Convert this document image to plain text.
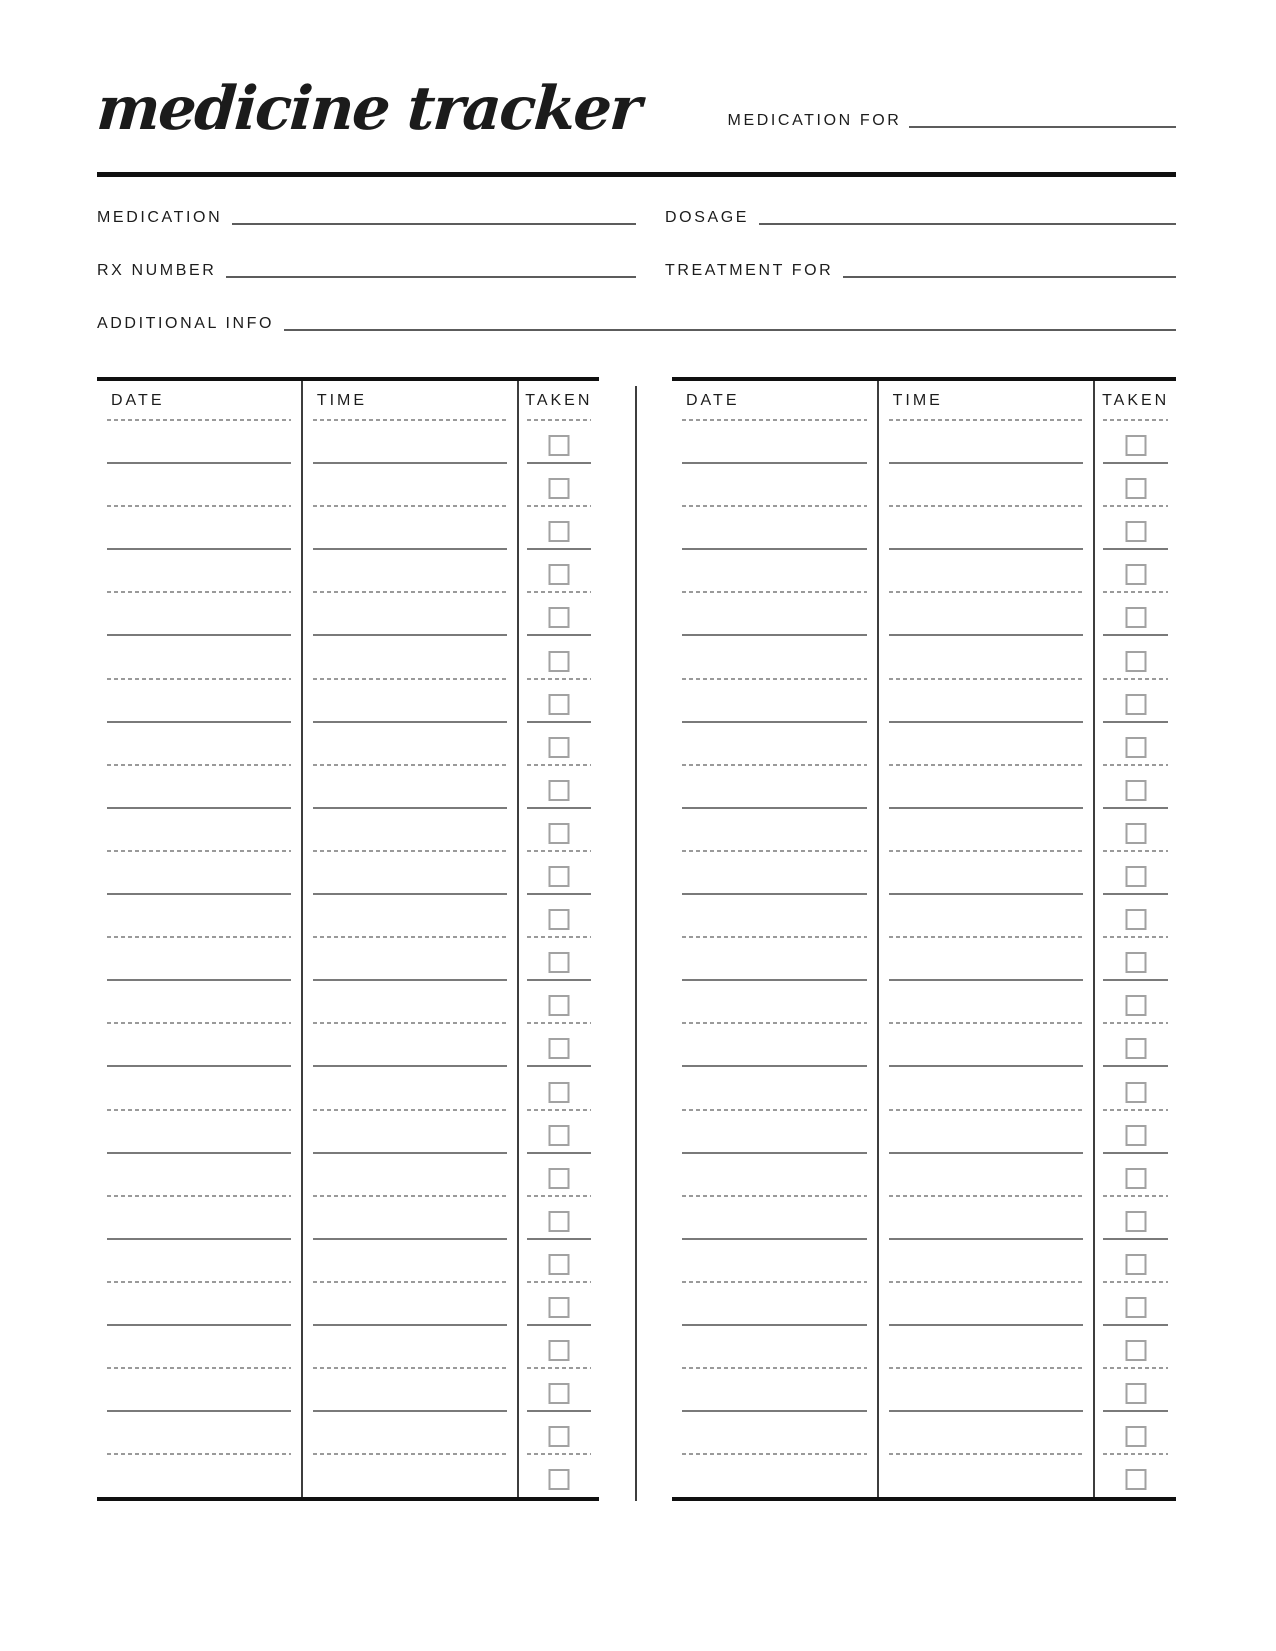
medicine tracker	MEDICATION FOR
MEDICATION	DOSAGE
RX NUMBER	TREATMENT FOR
ADDITIONAL INFO
DATE	TIME	TAKEN	DATE	TIME	TAKEN
